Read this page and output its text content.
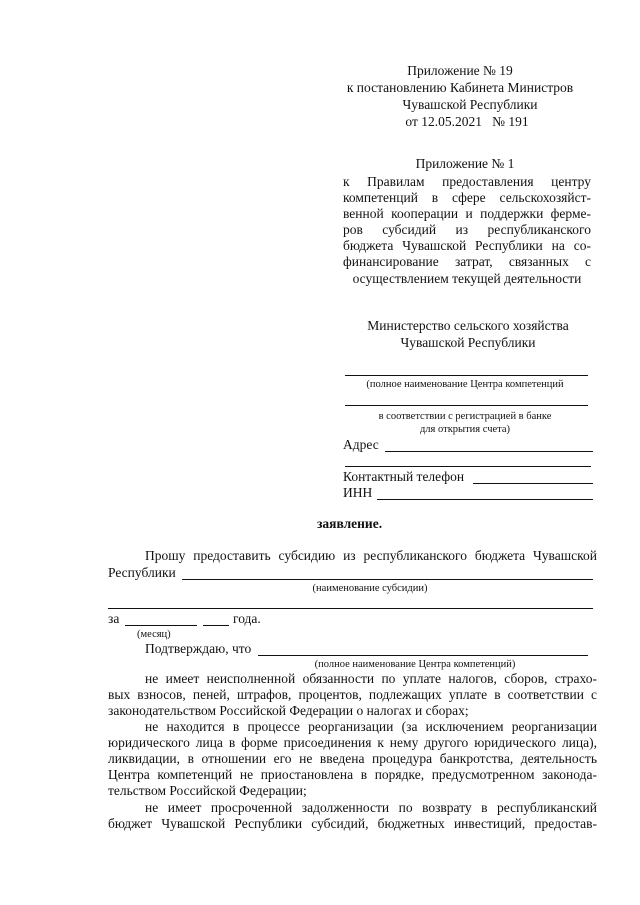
Приложение № 19
к постановлению Кабинета Министров
Чувашской Республики
от 12.05.2021   № 191
Приложение № 1
к Правилам предоставления центру
компетенций в сфере сельскохозяйст-
венной кооперации и поддержки ферме-
ров субсидий из республиканского
бюджета Чувашской Республики на со-
финансирование затрат, связанных с
осуществлением текущей деятельности
Министерство сельского хозяйства
Чувашской Республики
(полное наименование Центра компетенций
в соответствии с регистрацией в банке
для открытия счета)
Адрес
Контактный телефон
ИНН
заявление.
Прошу предоставить субсидию из республиканского бюджета Чувашской
Республики
(наименование субсидии)
за	года.
(месяц)
Подтверждаю, что
(полное наименование Центра компетенций)
не имеет неисполненной обязанности по уплате налогов, сборов, страхо-
вых взносов, пеней, штрафов, процентов, подлежащих уплате в соответствии с
законодательством Российской Федерации о налогах и сборах;
не находится в процессе реорганизации (за исключением реорганизации
юридического лица в форме присоединения к нему другого юридического лица),
ликвидации, в отношении его не введена процедура банкротства, деятельность
Центра компетенций не приостановлена в порядке, предусмотренном законода-
тельством Российской Федерации;
не имеет просроченной задолженности по возврату в республиканский
бюджет Чувашской Республики субсидий, бюджетных инвестиций, предостав-
